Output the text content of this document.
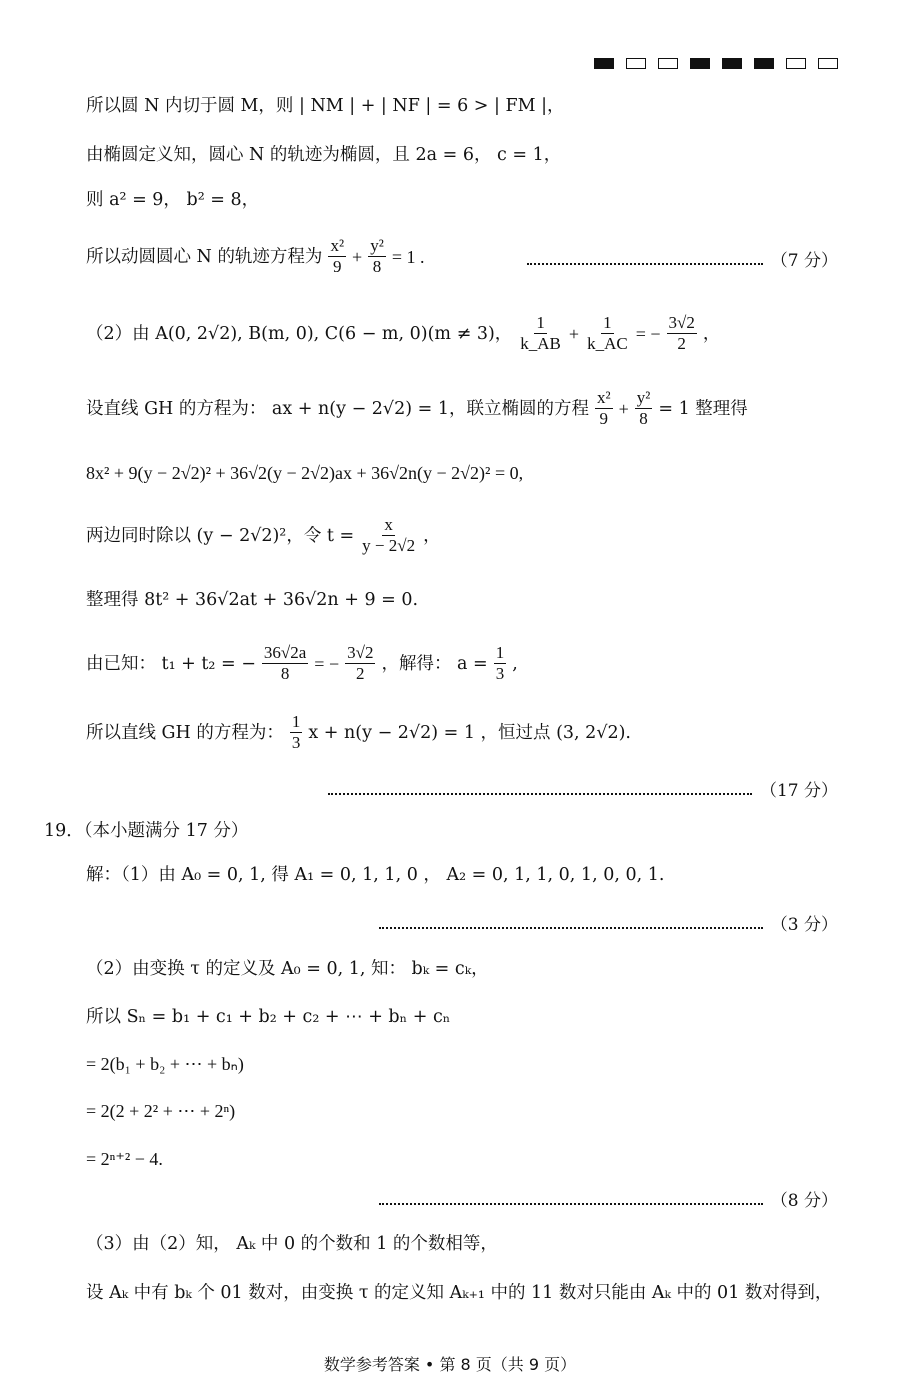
所以圆 N 内切于圆 M，则 | NM | + | NF | = 6 > | FM |，
由椭圆定义知，圆心 N 的轨迹为椭圆，且 2a = 6， c = 1，
则 a² = 9， b² = 8，
所以动圆圆心 N 的轨迹方程为 $\frac{\text{x²}}{9} + \frac{\text{y²}}{8} = 1$ .	（7 分）
（2）由 A(0, 2√2), B(m, 0), C(6 − m, 0)(m ≠ 3)， $\frac{1}{k\_AB} + \frac{1}{k\_AC}$ = − $\frac{3√2}{2}$ ，
设直线 GH 的方程为： ax + n(y − 2√2) = 1，联立椭圆的方程 $\frac{\text{x²}}{9} + \frac{\text{y²}}{8} = 1$ 整理得
8x² + 9(y − 2√2)² + 36√2(y − 2√2)ax + 36√2n(y − 2√2)² = 0,
两边同时除以 (y − 2√2)²，令 $t = \frac{x}{y - 2√2}$ ，
整理得 8t² + 36√2at + 36√2n + 9 = 0.
由已知： t₁ + t₂ = − $\frac{36√2a}{8}$ = − $\frac{3√2}{2}$ ，解得： $a = \frac{1}{3}$ ,
所以直线 GH 的方程为： $\frac{1}{3}$ x + n(y − 2√2) = 1 ，恒过点 (3, 2√2).
（17 分）
19．（本小题满分 17 分）
解：（1）由 A₀ = 0, 1, 得 A₁ = 0, 1, 1, 0 ， A₂ = 0, 1, 1, 0, 1, 0, 0, 1.
（3 分）
（2）由变换 τ 的定义及 A₀ = 0, 1, 知： bₖ = cₖ，
所以 Sₙ = b₁ + c₁ + b₂ + c₂ + ⋯ + bₙ + cₙ
= 2(b₁ + b₂ + ⋯ + bₙ)
= 2(2 + 2² + ⋯ + 2ⁿ)
= 2ⁿ⁺² − 4.
（8 分）
（3）由（2）知， Aₖ 中 0 的个数和 1 的个数相等，
设 Aₖ 中有 bₖ 个 01 数对，由变换 τ 的定义知 Aₖ₊₁ 中的 11 数对只能由 Aₖ 中的 01 数对得到，
数学参考答案 • 第 8 页（共 9 页）
